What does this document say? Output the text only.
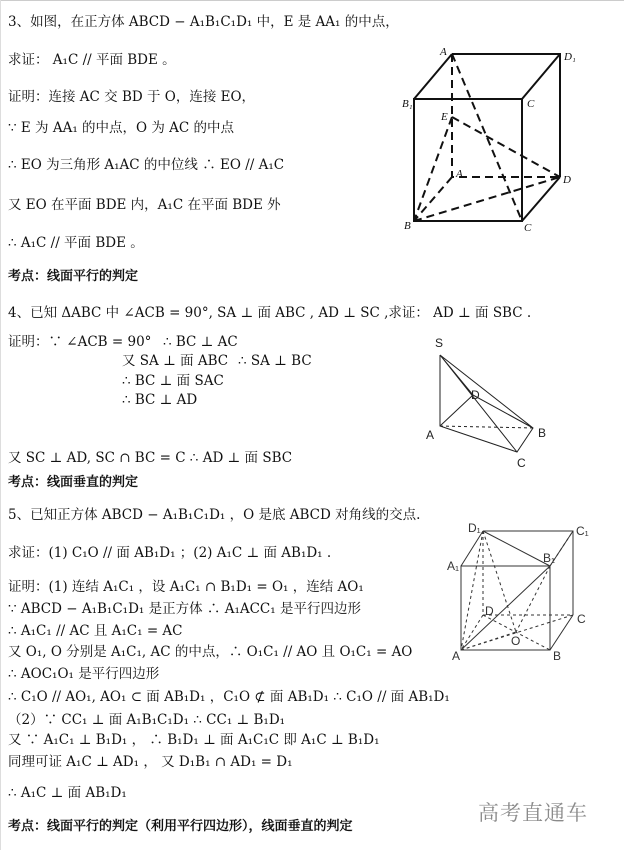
3、如图，在正方体 ABCD − A₁B₁C₁D₁ 中，E 是 AA₁ 的中点，
求证： A₁C // 平面 BDE 。
证明：连接 AC 交 BD 于 O，连接 EO，
∵ E 为 AA₁ 的中点，O 为 AC 的中点
∴ EO 为三角形 A₁AC 的中位线 ∴ EO // A₁C
又 EO 在平面 BDE 内，A₁C 在平面 BDE 外
∴ A₁C // 平面 BDE 。
考点：线面平行的判定
4、已知 ΔABC 中 ∠ACB = 90°, SA ⊥ 面 ABC , AD ⊥ SC ,求证： AD ⊥ 面 SBC .
证明：∵ ∠ACB = 90° ∴ BC ⊥ AC
又 SA ⊥ 面 ABC ∴ SA ⊥ BC
∴ BC ⊥ 面 SAC
∴ BC ⊥ AD
又 SC ⊥ AD, SC ∩ BC = C ∴ AD ⊥ 面 SBC
考点：线面垂直的判定
5、已知正方体 ABCD − A₁B₁C₁D₁ ，O 是底 ABCD 对角线的交点.
求证：(1) C₁O // 面 AB₁D₁ ；(2) A₁C ⊥ 面 AB₁D₁ .
证明：(1) 连结 A₁C₁ ，设 A₁C₁ ∩ B₁D₁ = O₁ ，连结 AO₁
∵ ABCD − A₁B₁C₁D₁ 是正方体 ∴ A₁ACC₁ 是平行四边形
∴ A₁C₁ // AC 且 A₁C₁ = AC
又 O₁, O 分别是 A₁C₁, AC 的中点，∴ O₁C₁ // AO 且 O₁C₁ = AO
∴ AOC₁O₁ 是平行四边形
∴ C₁O // AO₁, AO₁ ⊂ 面 AB₁D₁ ，C₁O ⊄ 面 AB₁D₁ ∴ C₁O // 面 AB₁D₁
（2）∵ CC₁ ⊥ 面 A₁B₁C₁D₁ ∴ CC₁ ⊥ B₁D₁
又 ∵ A₁C₁ ⊥ B₁D₁ ， ∴ B₁D₁ ⊥ 面 A₁C₁C 即 A₁C ⊥ B₁D₁
同理可证 A₁C ⊥ AD₁ ， 又 D₁B₁ ∩ AD₁ = D₁
∴ A₁C ⊥ 面 AB₁D₁
考点：线面平行的判定（利用平行四边形），线面垂直的判定
高考直通车
A	D₁
B₁	C
E
A	D
B	C
S
D
A	B
C
D₁	C₁
A₁
B₁
D
C
A	B
O
